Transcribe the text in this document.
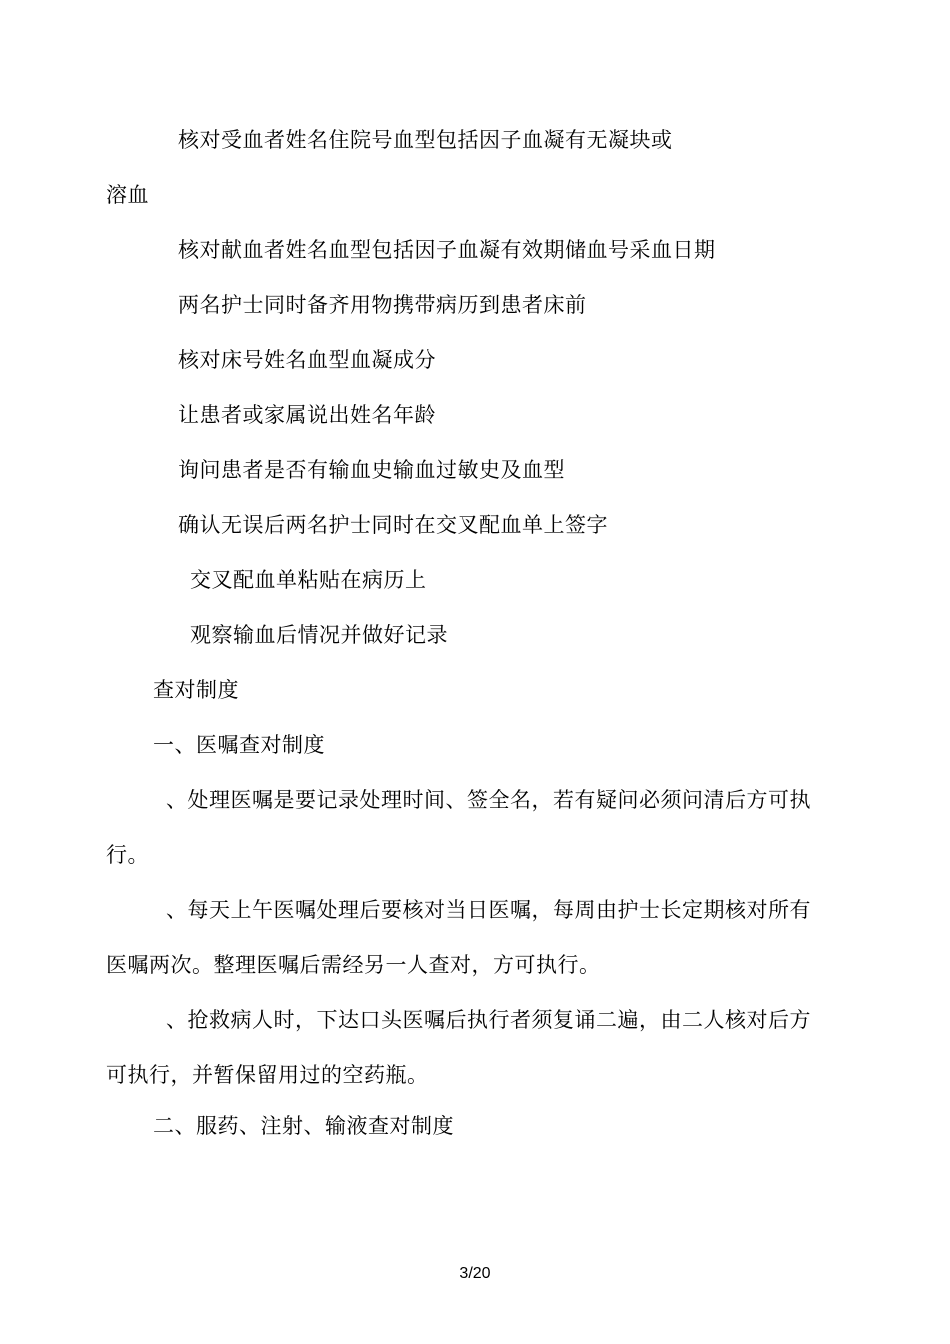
核对受血者姓名住院号血型包括因子血凝有无凝块或
溶血
核对献血者姓名血型包括因子血凝有效期储血号采血日期
两名护士同时备齐用物携带病历到患者床前
核对床号姓名血型血凝成分
让患者或家属说出姓名年龄
询问患者是否有输血史输血过敏史及血型
确认无误后两名护士同时在交叉配血单上签字
交叉配血单粘贴在病历上
观察输血后情况并做好记录
查对制度
一、医嘱查对制度
、处理医嘱是要记录处理时间、签全名，若有疑问必须问清后方可执
行。
、每天上午医嘱处理后要核对当日医嘱，每周由护士长定期核对所有
医嘱两次。整理医嘱后需经另一人查对，方可执行。
、抢救病人时，下达口头医嘱后执行者须复诵二遍，由二人核对后方
可执行，并暂保留用过的空药瓶。
二、服药、注射、输液查对制度
3/20
